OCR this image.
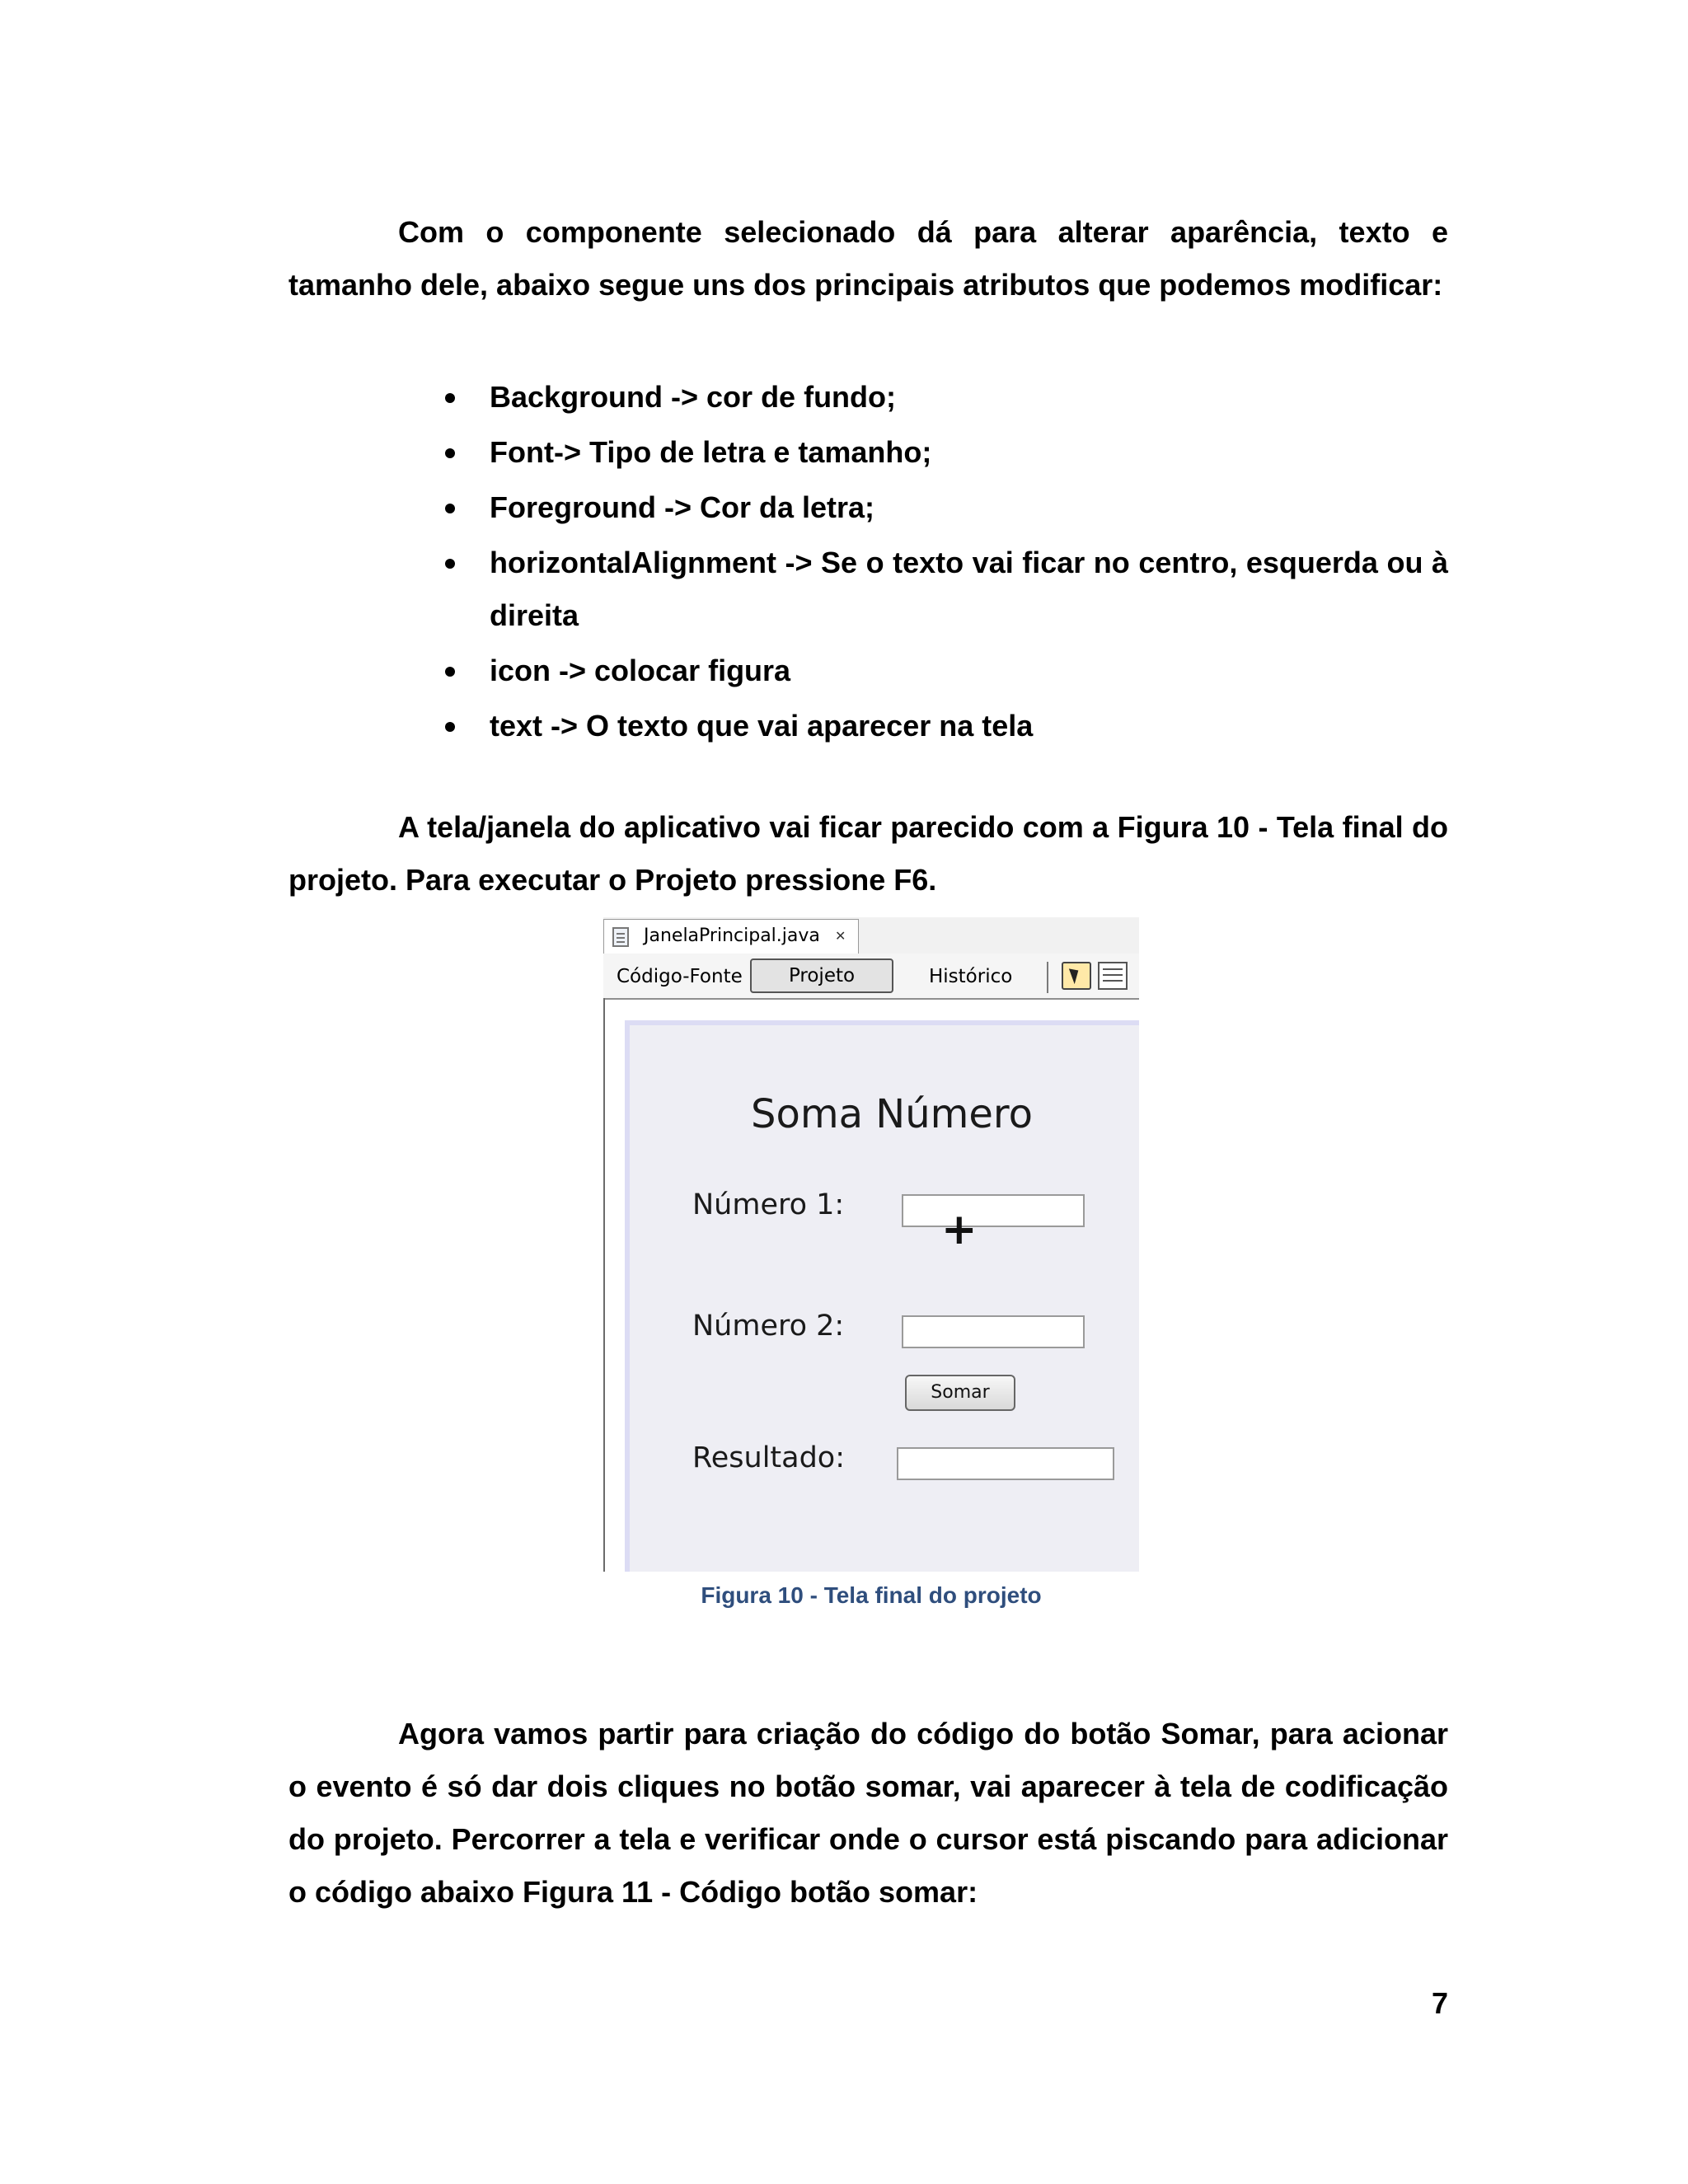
Com o componente selecionado dá para alterar aparência, texto e tamanho dele, abaixo segue uns dos principais atributos que podemos modificar:

Background -> cor de fundo;
Font-> Tipo de letra e tamanho;
Foreground -> Cor da letra;
horizontalAlignment -> Se o texto vai ficar no centro, esquerda ou à direita
icon -> colocar figura
text -> O texto que vai aparecer na tela

A tela/janela do aplicativo vai ficar parecido com a Figura 10 - Tela final do projeto. Para executar o Projeto pressione F6.

JanelaPrincipal.java ✕
Código-Fonte	Projeto	Histórico
Soma Número
Número 1: +
Número 2:
Somar
Resultado:
Figura 10 - Tela final do projeto

Agora vamos partir para criação do código do botão Somar, para acionar o evento é só dar dois cliques no botão somar, vai aparecer à tela de codificação do projeto. Percorrer a tela e verificar onde o cursor está piscando para adicionar o código abaixo Figura 11 - Código botão somar:

7
